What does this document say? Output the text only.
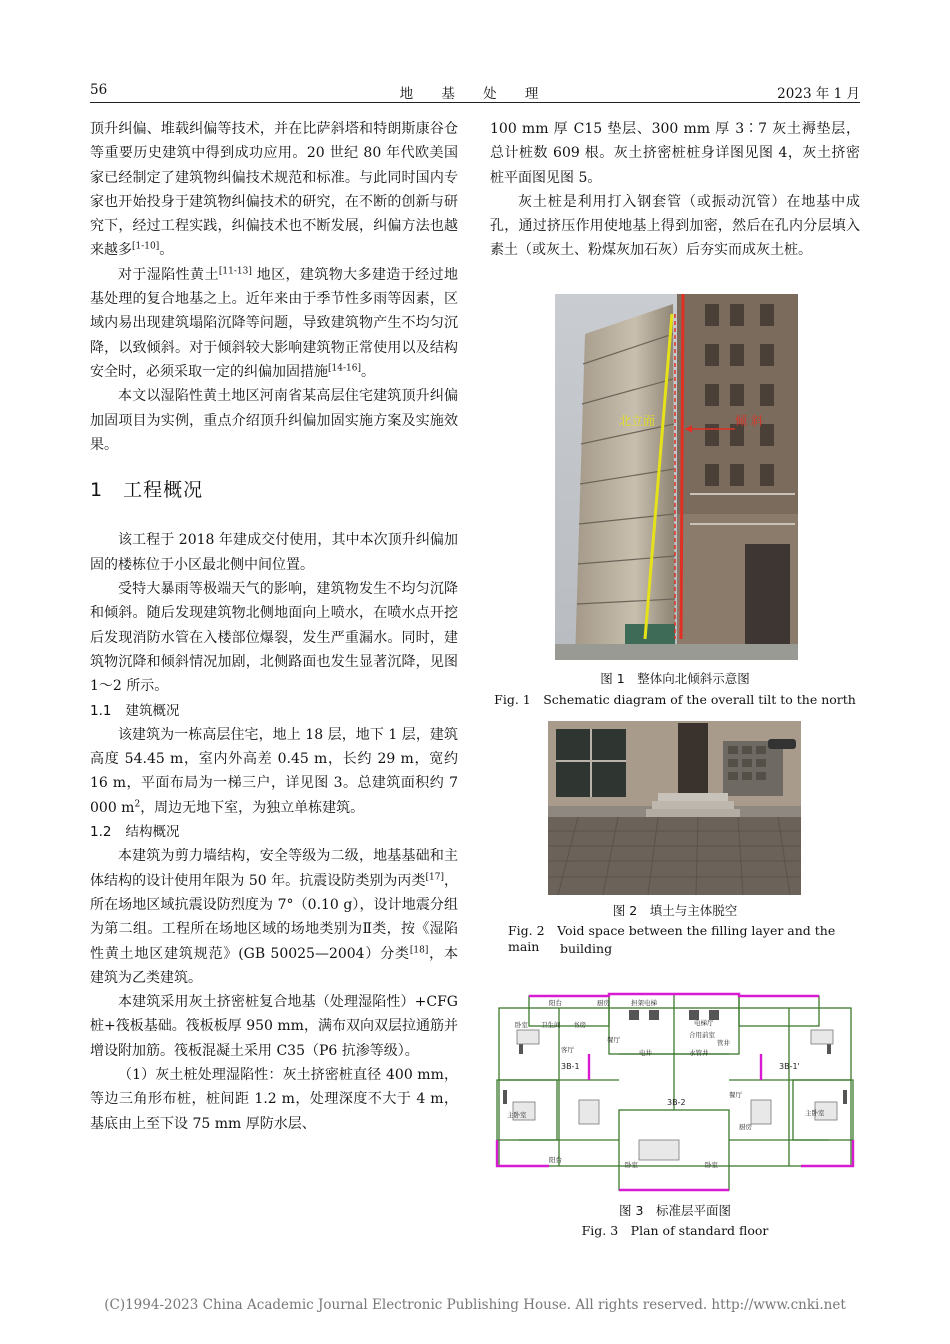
56	地 基 处 理	2023 年 1 月

顶升纠偏、堆载纠偏等技术，并在比萨斜塔和特朗斯康谷仓等重要历史建筑中得到成功应用。20 世纪 80 年代欧美国家已经制定了建筑物纠偏技术规范和标准。与此同时国内专家也开始投身于建筑物纠偏技术的研究，在不断的创新与研究下，经过工程实践，纠偏技术也不断发展，纠偏方法也越来越多[1-10]。

对于湿陷性黄土[11-13] 地区，建筑物大多建造于经过地基处理的复合地基之上。近年来由于季节性多雨等因素，区域内易出现建筑塌陷沉降等问题，导致建筑物产生不均匀沉降，以致倾斜。对于倾斜较大影响建筑物正常使用以及结构安全时，必须采取一定的纠偏加固措施[14-16]。

本文以湿陷性黄土地区河南省某高层住宅建筑顶升纠偏加固项目为实例，重点介绍顶升纠偏加固实施方案及实施效果。

1　工程概况

该工程于 2018 年建成交付使用，其中本次顶升纠偏加固的楼栋位于小区最北侧中间位置。

受特大暴雨等极端天气的影响，建筑物发生不均匀沉降和倾斜。随后发现建筑物北侧地面向上喷水，在喷水点开挖后发现消防水管在入楼部位爆裂，发生严重漏水。同时，建筑物沉降和倾斜情况加剧，北侧路面也发生显著沉降，见图 1～2 所示。

1.1 建筑概况

该建筑为一栋高层住宅，地上 18 层，地下 1 层，建筑高度 54.45 m，室内外高差 0.45 m，长约 29 m，宽约 16 m，平面布局为一梯三户，详见图 3。总建筑面积约 7 000 $m^2$，周边无地下室，为独立单栋建筑。

1.2 结构概况

本建筑为剪力墙结构，安全等级为二级，地基基础和主体结构的设计使用年限为 50 年。抗震设防类别为丙类[17]，所在场地区域抗震设防烈度为 7°（0.10 g），设计地震分组为第二组。工程所在场地区域的场地类别为Ⅱ类，按《湿陷性黄土地区建筑规范》(GB 50025—2004）分类[18]，本建筑为乙类建筑。

本建筑采用灰土挤密桩复合地基（处理湿陷性）+CFG 桩+筏板基础。筏板板厚 950 mm，满布双向双层拉通筋并增设附加筋。筏板混凝土采用 C35（P6 抗渗等级）。

（1）灰土桩处理湿陷性：灰土挤密桩直径 400 mm，等边三角形布桩，桩间距 1.2 m，处理深度不大于 4 m，基底由上至下设 75 mm 厚防水层、

100 mm 厚 C15 垫层、300 mm 厚 3∶7 灰土褥垫层，总计桩数 609 根。灰土挤密桩桩身详图见图 4，灰土挤密桩平面图见图 5。

灰土桩是利用打入钢套管（或振动沉管）在地基中成孔，通过挤压作用使地基上得到加密，然后在孔内分层填入素土（或灰土、粉煤灰加石灰）后夯实而成灰土桩。

北立面	倾 斜
图 1　整体向北倾斜示意图
Fig. 1　Schematic diagram of the overall tilt to the north
图 2　填土与主体脱空
Fig. 2　Void space between the filling layer and the main	building
阳台	厨房	担架电梯
卧室
客厅
餐厅
电梯厅
书房
卫生间
主卧室
电井	水管井
合用前室
管井
3B-1	3B-1'
3B-2
阳台
主卧室
卧室	卧室
餐厅
厨房
图 3　标准层平面图
Fig. 3　Plan of standard floor
(C)1994-2023 China Academic Journal Electronic Publishing House. All rights reserved. http://www.cnki.net
